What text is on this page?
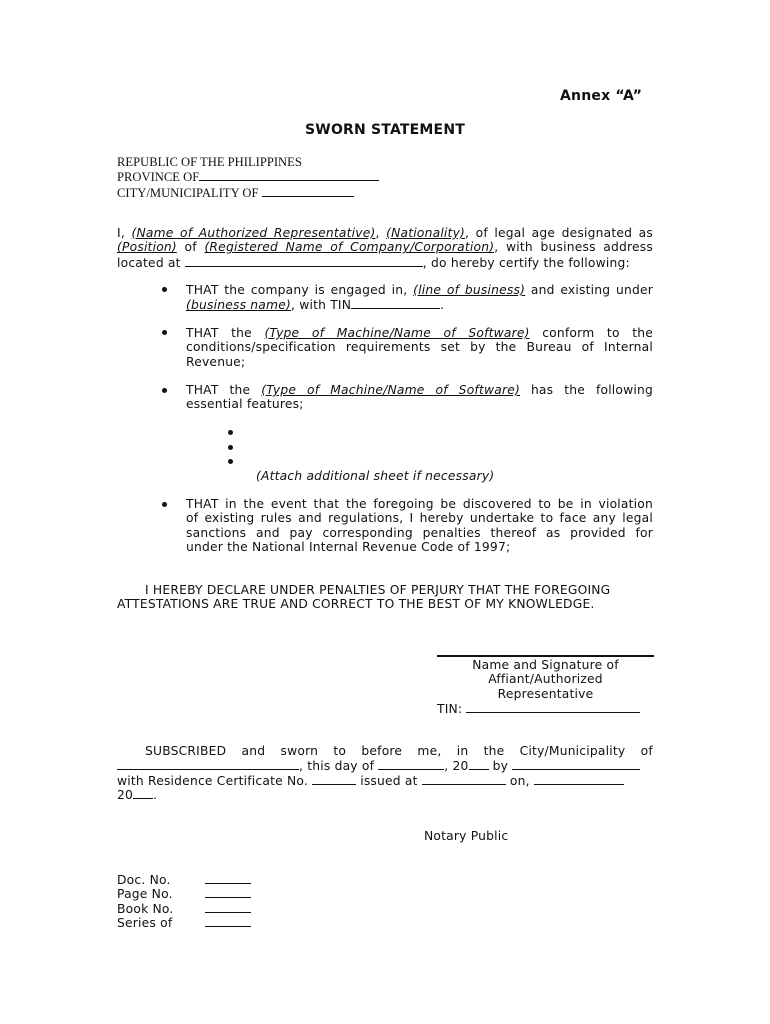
Annex “A”
SWORN STATEMENT
REPUBLIC OF THE PHILIPPINES
PROVINCE OF
CITY/MUNICIPALITY OF

I, (Name of Authorized Representative), (Nationality), of legal age designated as

(Position) of (Registered Name of Company/Corporation), with business address

located at	, do hereby certify the following:

THAT the company is engaged in, (line of business) and existing under

(business name), with TIN	.

THAT the (Type of Machine/Name of Software) conform to the

conditions/specification requirements set by the Bureau of Internal

Revenue;

THAT the (Type of Machine/Name of Software) has the following

essential features;

(Attach additional sheet if necessary)

THAT in the event that the foregoing be discovered to be in violation

of existing rules and regulations, I hereby undertake to face any legal

sanctions and pay corresponding penalties thereof as provided for

under the National Internal Revenue Code of 1997;

I HEREBY DECLARE UNDER PENALTIES OF PERJURY THAT THE FOREGOING

ATTESTATIONS ARE TRUE AND CORRECT TO THE BEST OF MY KNOWLEDGE.

Name and Signature of
Affiant/Authorized
Representative
TIN:

SUBSCRIBED and sworn to before me, in the City/Municipality of

, this day of	, 20 by

with Residence Certificate No.	issued at	on,

20 .

Notary Public

Doc. No.

Page No.

Book No.

Series of
